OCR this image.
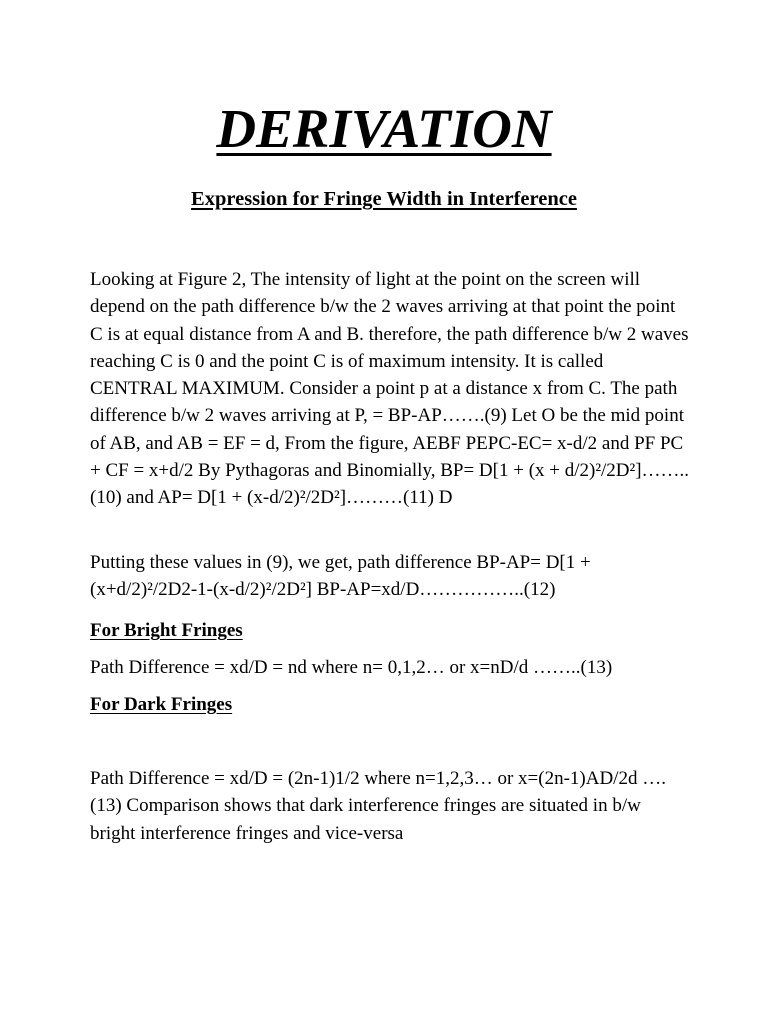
DERIVATION
Expression for Fringe Width in Interference

Looking at Figure 2, The intensity of light at the point on the screen will depend on the path difference b/w the 2 waves arriving at that point the point C is at equal distance from A and B. therefore, the path difference b/w 2 waves reaching C is 0 and the point C is of maximum intensity. It is called CENTRAL MAXIMUM. Consider a point p at a distance x from C. The path difference b/w 2 waves arriving at P, = BP-AP…….(9) Let O be the mid point of AB, and AB = EF = d, From the figure, AEBF PEPC-EC= x-d/2 and PF PC + CF = x+d/2 By Pythagoras and Binomially, BP= D[1 + (x + d/2)²/2D²]…….. (10) and AP= D[1 + (x-d/2)²/2D²]………(11) D

Putting these values in (9), we get, path difference BP-AP= D[1 + (x+d/2)²/2D2-1-(x-d/2)²/2D²] BP-AP=xd/D……………..(12)

For Bright Fringes

Path Difference = xd/D = nd where n= 0,1,2… or x=nD/d ……..(13)

For Dark Fringes

Path Difference = xd/D = (2n-1)1/2 where n=1,2,3… or x=(2n-1)AD/2d ….(13) Comparison shows that dark interference fringes are situated in b/w bright interference fringes and vice-versa
